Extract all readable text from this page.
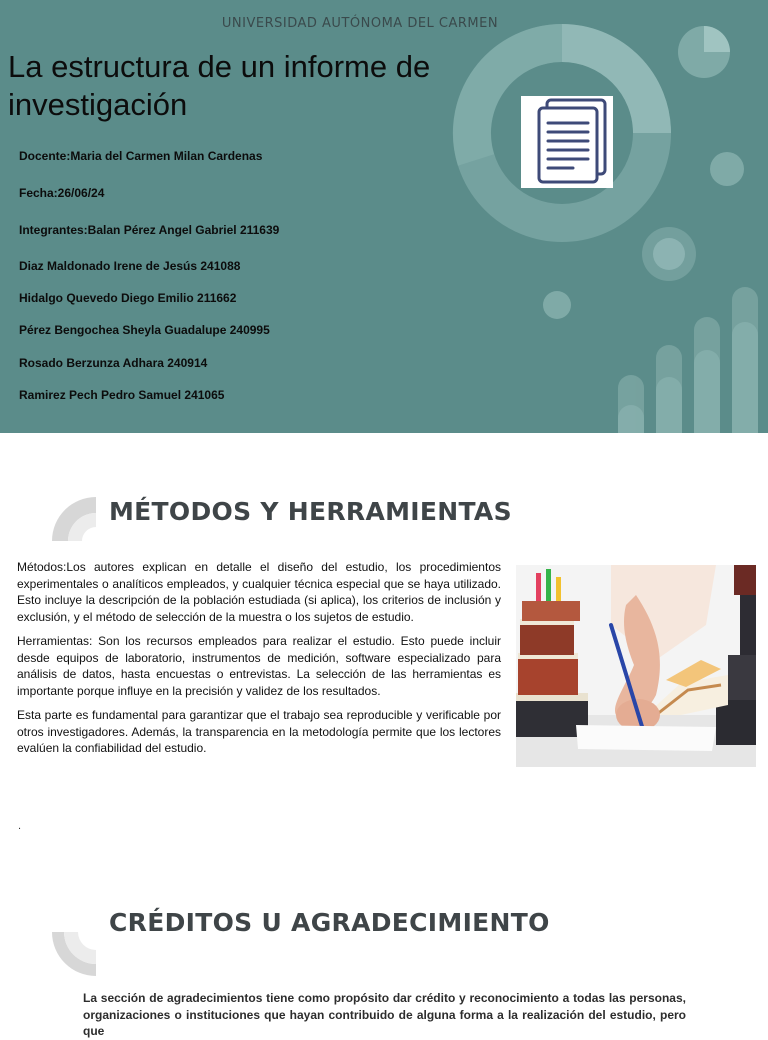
UNIVERSIDAD AUTÓNOMA DEL CARMEN
La estructura de un informe de
investigación
Docente:Maria del Carmen Milan Cardenas
Fecha:26/06/24
Integrantes:Balan Pérez Angel Gabriel 211639
Diaz Maldonado Irene de Jesús 241088
Hidalgo Quevedo Diego Emilio 211662
Pérez Bengochea Sheyla Guadalupe 240995
Rosado Berzunza Adhara 240914
Ramirez Pech Pedro Samuel 241065
MÉTODOS Y HERRAMIENTAS

Métodos:Los autores explican en detalle el diseño del estudio, los procedimientos experimentales o analíticos empleados, y cualquier técnica especial que se haya utilizado. Esto incluye la descripción de la población estudiada (si aplica), los criterios de inclusión y exclusión, y el método de selección de la muestra o los sujetos de estudio.

Herramientas: Son los recursos empleados para realizar el estudio. Esto puede incluir desde equipos de laboratorio, instrumentos de medición, software especializado para análisis de datos, hasta encuestas o entrevistas. La selección de las herramientas es importante porque influye en la precisión y validez de los resultados.

Esta parte es fundamental para garantizar que el trabajo sea reproducible y verificable por otros investigadores. Además, la transparencia en la metodología permite que los lectores evalúen la confiabilidad del estudio.

.
CRÉDITOS U AGRADECIMIENTO
La sección de agradecimientos tiene como propósito dar crédito y reconocimiento a todas las personas, organizaciones o instituciones que hayan contribuido de alguna forma a la realización del estudio, pero que
